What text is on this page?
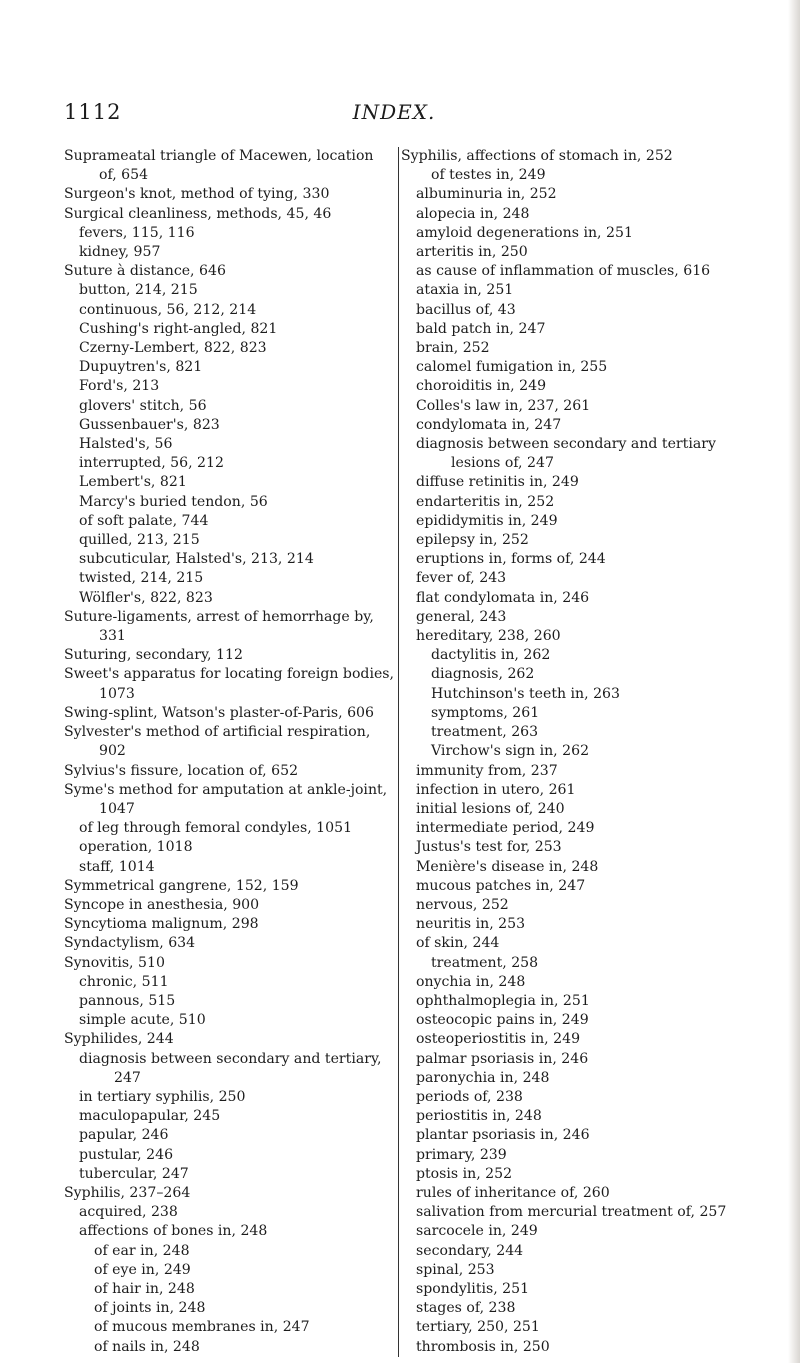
1112	INDEX.
Suprameatal triangle of Macewen, location of, 654
Surgeon's knot, method of tying, 330
Surgical cleanliness, methods, 45, 46
fevers, 115, 116
kidney, 957
Suture à distance, 646
button, 214, 215
continuous, 56, 212, 214
Cushing's right-angled, 821
Czerny-Lembert, 822, 823
Dupuytren's, 821
Ford's, 213
glovers' stitch, 56
Gussenbauer's, 823
Halsted's, 56
interrupted, 56, 212
Lembert's, 821
Marcy's buried tendon, 56
of soft palate, 744
quilled, 213, 215
subcuticular, Halsted's, 213, 214
twisted, 214, 215
Wölfler's, 822, 823
Suture-ligaments, arrest of hemorrhage by, 331
Suturing, secondary, 112
Sweet's apparatus for locating foreign bodies, 1073
Swing-splint, Watson's plaster-of-Paris, 606
Sylvester's method of artificial respiration, 902
Sylvius's fissure, location of, 652
Syme's method for amputation at ankle-joint, 1047
of leg through femoral condyles, 1051
operation, 1018
staff, 1014
Symmetrical gangrene, 152, 159
Syncope in anesthesia, 900
Syncytioma malignum, 298
Syndactylism, 634
Synovitis, 510
chronic, 511
pannous, 515
simple acute, 510
Syphilides, 244
diagnosis between secondary and tertiary, 247
in tertiary syphilis, 250
maculopapular, 245
papular, 246
pustular, 246
tubercular, 247
Syphilis, 237–264
acquired, 238
affections of bones in, 248
of ear in, 248
of eye in, 249
of hair in, 248
of joints in, 248
of mucous membranes in, 247
of nails in, 248
Syphilis, affections of stomach in, 252
of testes in, 249
albuminuria in, 252
alopecia in, 248
amyloid degenerations in, 251
arteritis in, 250
as cause of inflammation of muscles, 616
ataxia in, 251
bacillus of, 43
bald patch in, 247
brain, 252
calomel fumigation in, 255
choroiditis in, 249
Colles's law in, 237, 261
condylomata in, 247
diagnosis between secondary and tertiary lesions of, 247
diffuse retinitis in, 249
endarteritis in, 252
epididymitis in, 249
epilepsy in, 252
eruptions in, forms of, 244
fever of, 243
flat condylomata in, 246
general, 243
hereditary, 238, 260
dactylitis in, 262
diagnosis, 262
Hutchinson's teeth in, 263
symptoms, 261
treatment, 263
Virchow's sign in, 262
immunity from, 237
infection in utero, 261
initial lesions of, 240
intermediate period, 249
Justus's test for, 253
Menière's disease in, 248
mucous patches in, 247
nervous, 252
neuritis in, 253
of skin, 244
treatment, 258
onychia in, 248
ophthalmoplegia in, 251
osteocopic pains in, 249
osteoperiostitis in, 249
palmar psoriasis in, 246
paronychia in, 248
periods of, 238
periostitis in, 248
plantar psoriasis in, 246
primary, 239
ptosis in, 252
rules of inheritance of, 260
salivation from mercurial treatment of, 257
sarcocele in, 249
secondary, 244
spinal, 253
spondylitis, 251
stages of, 238
tertiary, 250, 251
thrombosis in, 250
